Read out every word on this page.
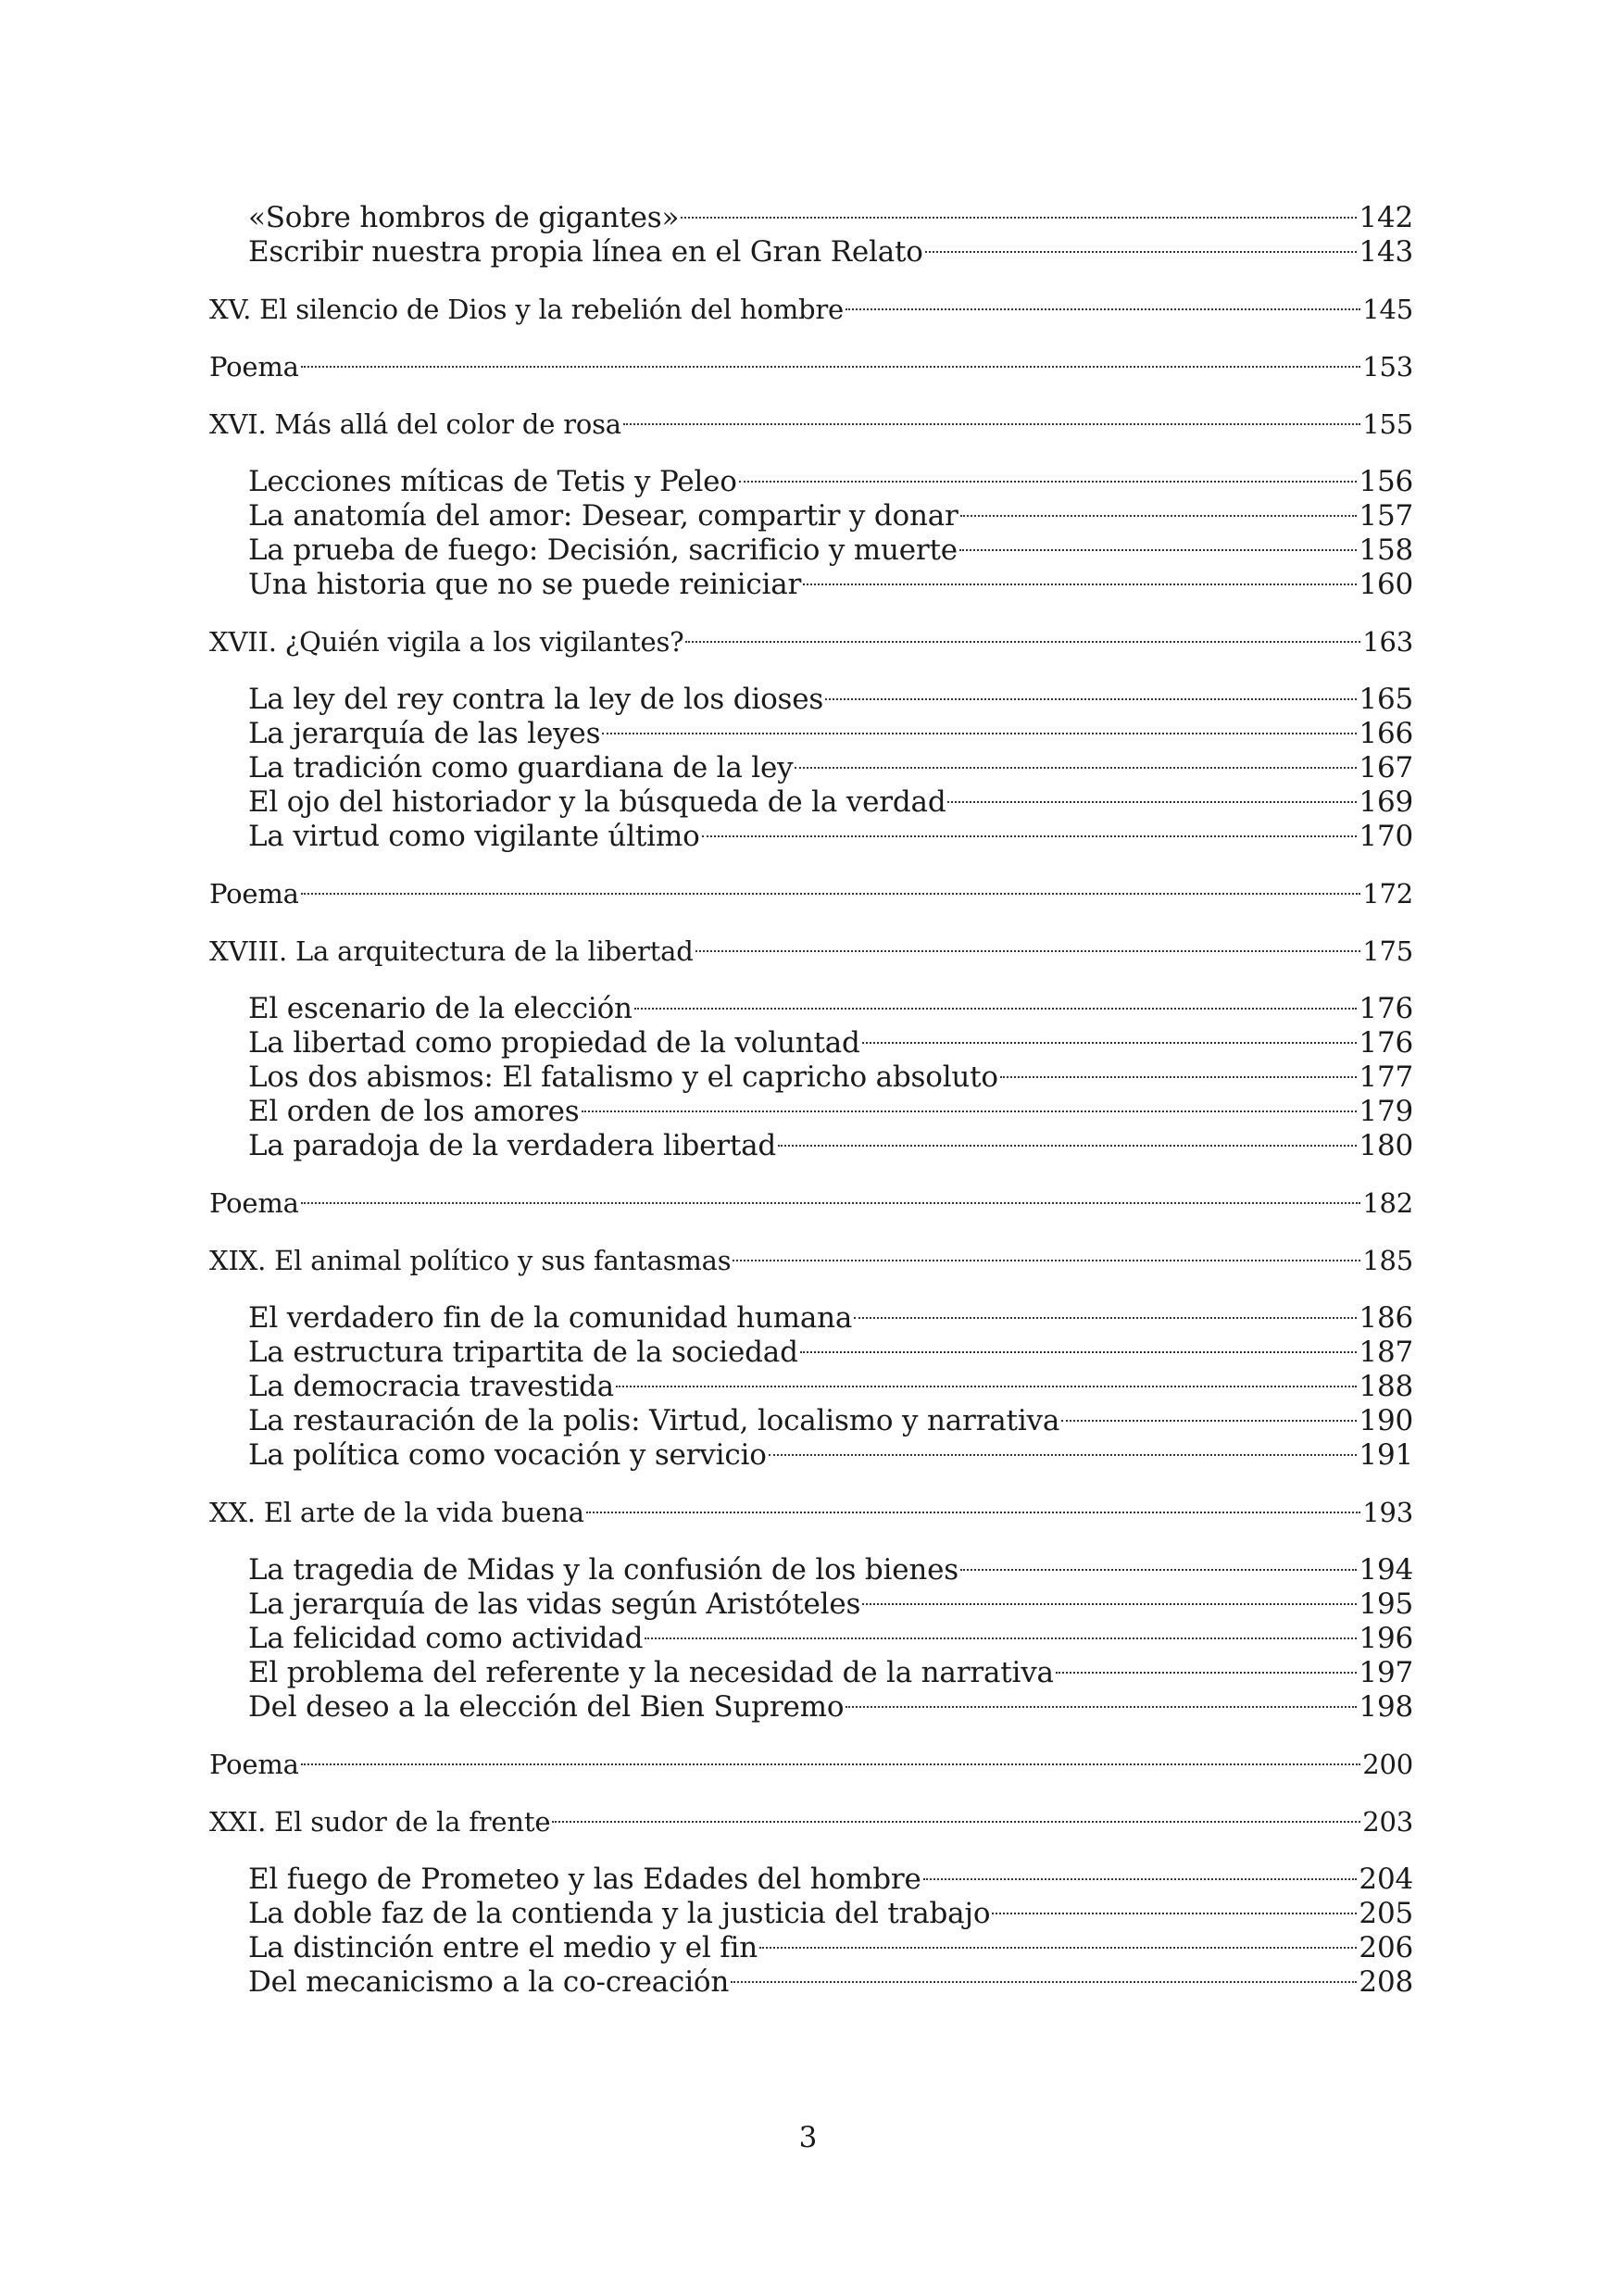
«Sobre hombros de gigantes»	142
Escribir nuestra propia línea en el Gran Relato	143
XV. El silencio de Dios y la rebelión del hombre	145
Poema	153
XVI. Más allá del color de rosa	155
Lecciones míticas de Tetis y Peleo	156
La anatomía del amor: Desear, compartir y donar	157
La prueba de fuego: Decisión, sacrificio y muerte	158
Una historia que no se puede reiniciar	160
XVII. ¿Quién vigila a los vigilantes?	163
La ley del rey contra la ley de los dioses	165
La jerarquía de las leyes	166
La tradición como guardiana de la ley	167
El ojo del historiador y la búsqueda de la verdad	169
La virtud como vigilante último	170
Poema	172
XVIII. La arquitectura de la libertad	175
El escenario de la elección	176
La libertad como propiedad de la voluntad	176
Los dos abismos: El fatalismo y el capricho absoluto	177
El orden de los amores	179
La paradoja de la verdadera libertad	180
Poema	182
XIX. El animal político y sus fantasmas	185
El verdadero fin de la comunidad humana	186
La estructura tripartita de la sociedad	187
La democracia travestida	188
La restauración de la polis: Virtud, localismo y narrativa	190
La política como vocación y servicio	191
XX. El arte de la vida buena	193
La tragedia de Midas y la confusión de los bienes	194
La jerarquía de las vidas según Aristóteles	195
La felicidad como actividad	196
El problema del referente y la necesidad de la narrativa	197
Del deseo a la elección del Bien Supremo	198
Poema	200
XXI. El sudor de la frente	203
El fuego de Prometeo y las Edades del hombre	204
La doble faz de la contienda y la justicia del trabajo	205
La distinción entre el medio y el fin	206
Del mecanicismo a la co-creación	208
3
